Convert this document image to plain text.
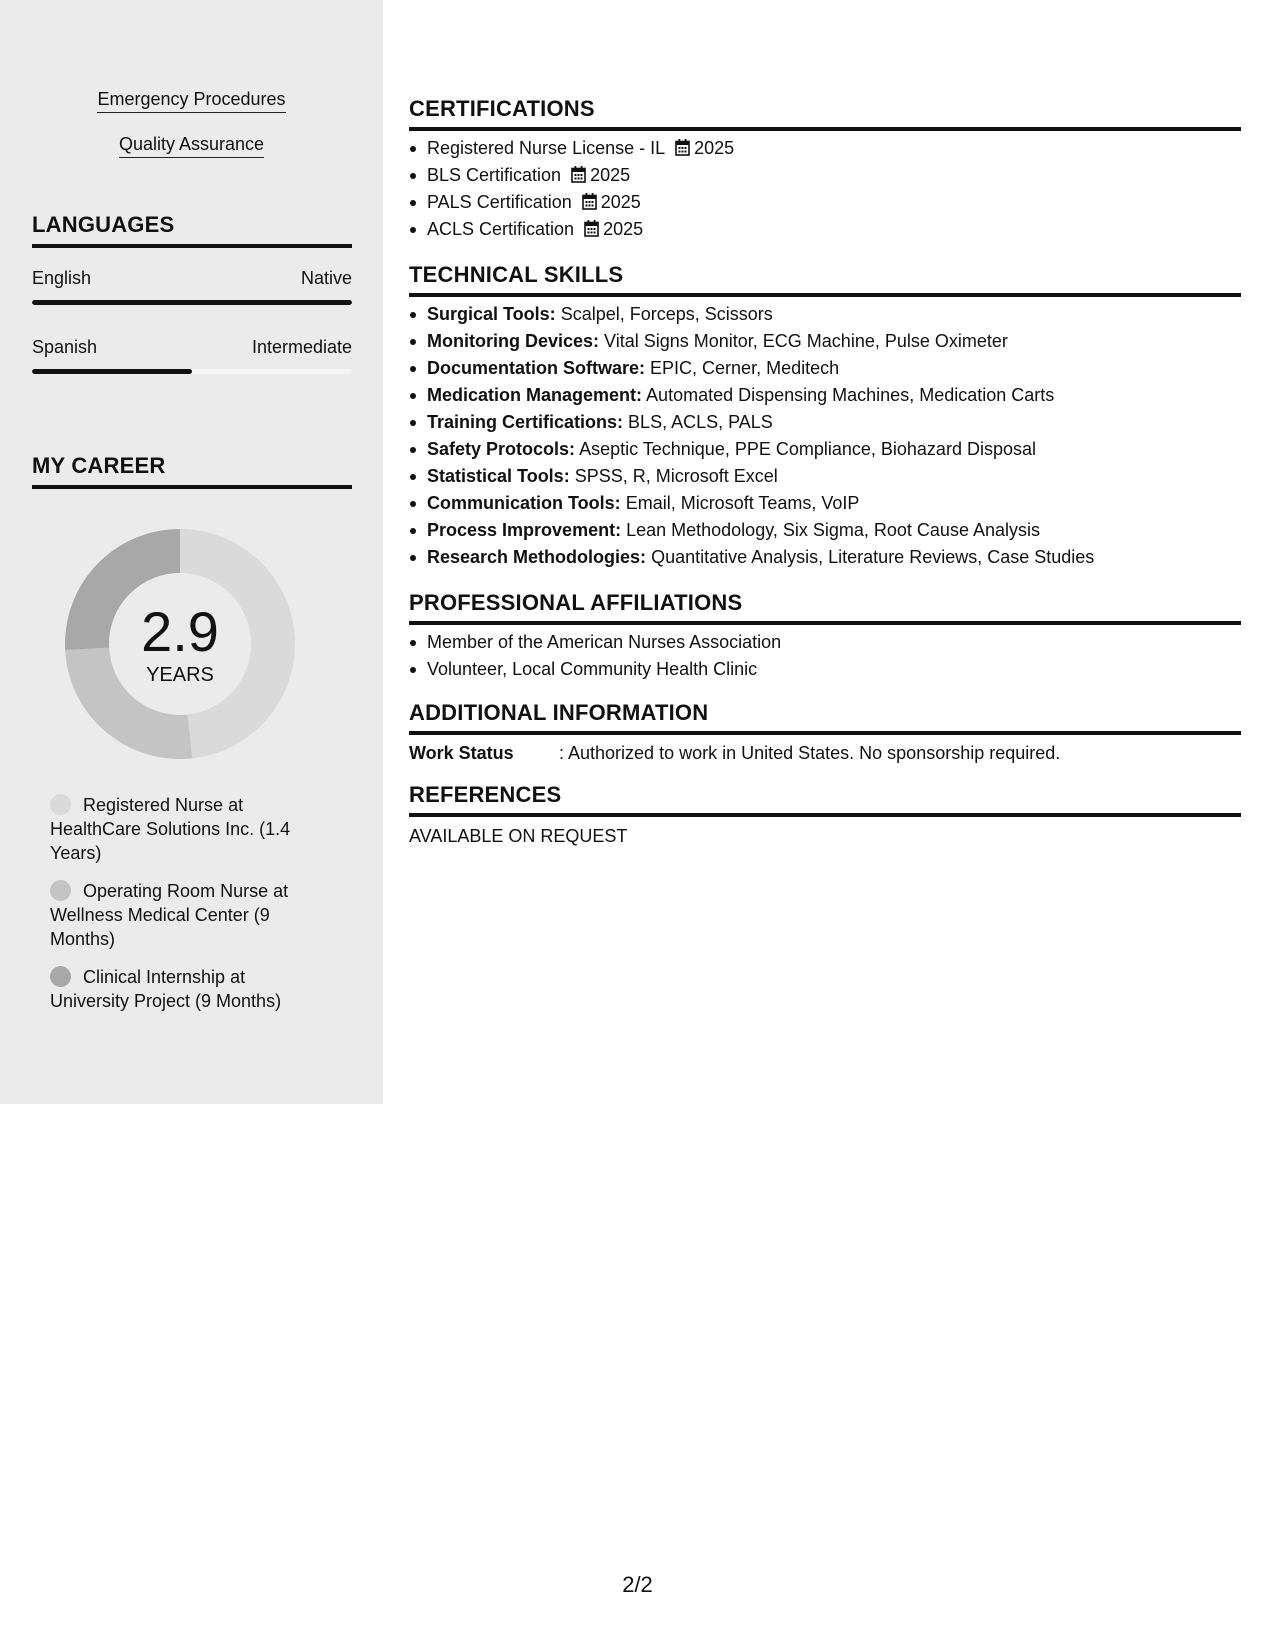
Emergency Procedures
Quality Assurance
LANGUAGES
English	Native
Spanish	Intermediate
MY CAREER
2.9
YEARS
Registered Nurse at HealthCare Solutions Inc. (1.4 Years)
Operating Room Nurse at Wellness Medical Center (9 Months)
Clinical Internship at University Project (9 Months)
CERTIFICATIONS
Registered Nurse License - IL 2025
BLS Certification 2025
PALS Certification 2025
ACLS Certification 2025
TECHNICAL SKILLS
Surgical Tools: Scalpel, Forceps, Scissors
Monitoring Devices: Vital Signs Monitor, ECG Machine, Pulse Oximeter
Documentation Software: EPIC, Cerner, Meditech
Medication Management: Automated Dispensing Machines, Medication Carts
Training Certifications: BLS, ACLS, PALS
Safety Protocols: Aseptic Technique, PPE Compliance, Biohazard Disposal
Statistical Tools: SPSS, R, Microsoft Excel
Communication Tools: Email, Microsoft Teams, VoIP
Process Improvement: Lean Methodology, Six Sigma, Root Cause Analysis
Research Methodologies: Quantitative Analysis, Literature Reviews, Case Studies
PROFESSIONAL AFFILIATIONS
Member of the American Nurses Association
Volunteer, Local Community Health Clinic
ADDITIONAL INFORMATION
Work Status	: Authorized to work in United States. No sponsorship required.
REFERENCES
AVAILABLE ON REQUEST
2/2
